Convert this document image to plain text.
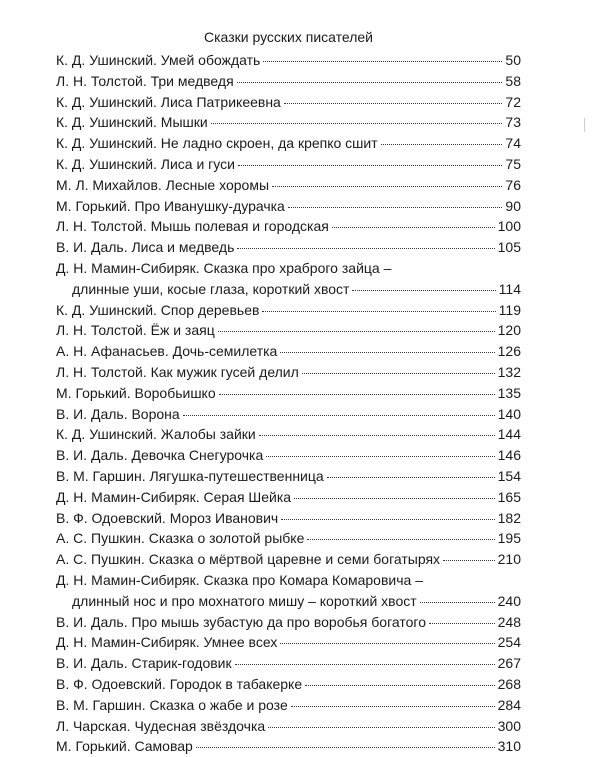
Сказки русских писателей
К. Д. Ушинский. Умей обождать	50
Л. Н. Толстой. Три медведя	58
К. Д. Ушинский. Лиса Патрикеевна	72
К. Д. Ушинский. Мышки	73
К. Д. Ушинский. Не ладно скроен, да крепко сшит	74
К. Д. Ушинский. Лиса и гуси	75
М. Л. Михайлов. Лесные хоромы	76
М. Горький. Про Иванушку-дурачка	90
Л. Н. Толстой. Мышь полевая и городская	100
В. И. Даль. Лиса и медведь	105
Д. Н. Мамин-Сибиряк. Сказка про храброго зайца –
длинные уши, косые глаза, короткий хвост	114
К. Д. Ушинский. Спор деревьев	119
Л. Н. Толстой. Ёж и заяц	120
А. Н. Афанасьев. Дочь-семилетка	126
Л. Н. Толстой. Как мужик гусей делил	132
М. Горький. Воробьишко	135
В. И. Даль. Ворона	140
К. Д. Ушинский. Жалобы зайки	144
В. И. Даль. Девочка Снегурочка	146
В. М. Гаршин. Лягушка-путешественница	154
Д. Н. Мамин-Сибиряк. Серая Шейка	165
В. Ф. Одоевский. Мороз Иванович	182
А. С. Пушкин. Сказка о золотой рыбке	195
А. С. Пушкин. Сказка о мёртвой царевне и семи богатырях	210
Д. Н. Мамин-Сибиряк. Сказка про Комара Комаровича –
длинный нос и про мохнатого мишу – короткий хвост	240
В. И. Даль. Про мышь зубастую да про воробья богатого	248
Д. Н. Мамин-Сибиряк. Умнее всех	254
В. И. Даль. Старик-годовик	267
В. Ф. Одоевский. Городок в табакерке	268
В. М. Гаршин. Сказка о жабе и розе	284
Л. Чарская. Чудесная звёздочка	300
М. Горький. Самовар	310
